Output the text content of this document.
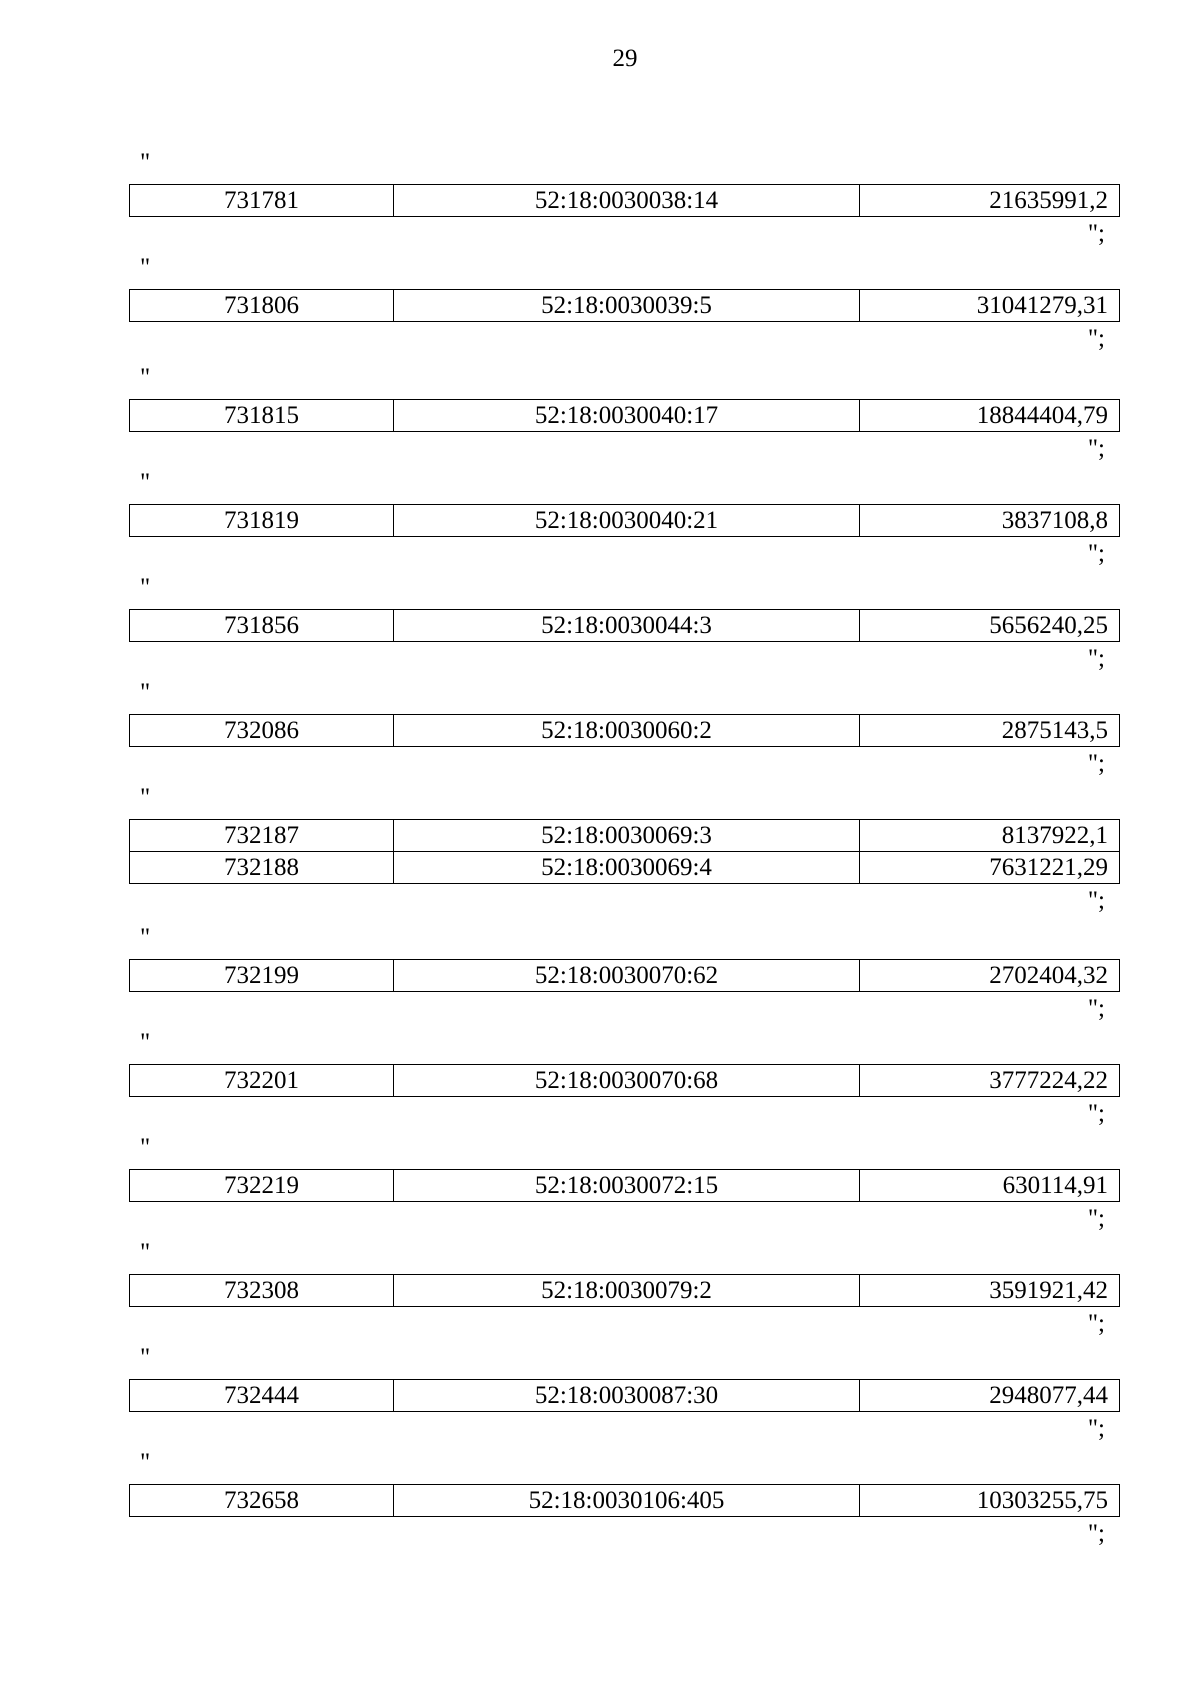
29
"
731781	52:18:0030038:14	21635991,2
";
"
731806	52:18:0030039:5	31041279,31
";
"
731815	52:18:0030040:17	18844404,79
";
"
731819	52:18:0030040:21	3837108,8
";
"
731856	52:18:0030044:3	5656240,25
";
"
732086	52:18:0030060:2	2875143,5
";
"
732187	52:18:0030069:3	8137922,1
732188	52:18:0030069:4	7631221,29
";
"
732199	52:18:0030070:62	2702404,32
";
"
732201	52:18:0030070:68	3777224,22
";
"
732219	52:18:0030072:15	630114,91
";
"
732308	52:18:0030079:2	3591921,42
";
"
732444	52:18:0030087:30	2948077,44
";
"
732658	52:18:0030106:405	10303255,75
";
